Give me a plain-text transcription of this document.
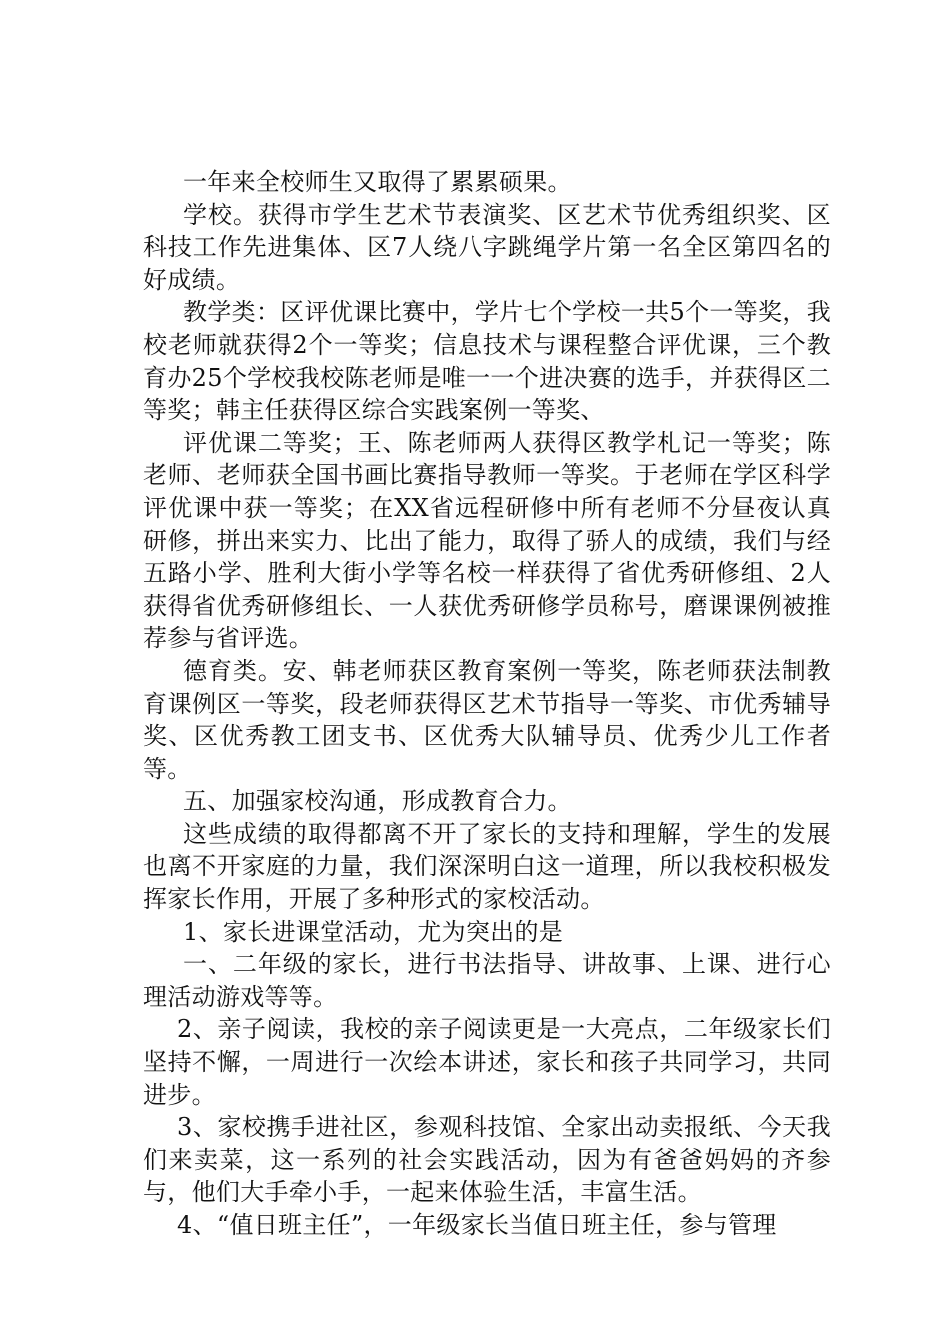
一年来全校师生又取得了累累硕果。

学校。获得市学生艺术节表演奖、区艺术节优秀组织奖、区科技工作先进集体、区7人绕八字跳绳学片第一名全区第四名的好成绩。

教学类：区评优课比赛中，学片七个学校一共5个一等奖，我校老师就获得2个一等奖；信息技术与课程整合评优课，三个教育办25个学校我校陈老师是唯一一个进决赛的选手，并获得区二等奖；韩主任获得区综合实践案例一等奖、

评优课二等奖；王、陈老师两人获得区教学札记一等奖；陈老师、老师获全国书画比赛指导教师一等奖。于老师在学区科学评优课中获一等奖；在XX省远程研修中所有老师不分昼夜认真研修，拼出来实力、比出了能力，取得了骄人的成绩，我们与经五路小学、胜利大街小学等名校一样获得了省优秀研修组、2人获得省优秀研修组长、一人获优秀研修学员称号，磨课课例被推荐参与省评选。

德育类。安、韩老师获区教育案例一等奖，陈老师获法制教育课例区一等奖，段老师获得区艺术节指导一等奖、市优秀辅导奖、区优秀教工团支书、区优秀大队辅导员、优秀少儿工作者等。

五、加强家校沟通，形成教育合力。

这些成绩的取得都离不开了家长的支持和理解，学生的发展也离不开家庭的力量，我们深深明白这一道理，所以我校积极发挥家长作用，开展了多种形式的家校活动。

1、家长进课堂活动，尤为突出的是

一、二年级的家长，进行书法指导、讲故事、上课、进行心理活动游戏等等。

2、亲子阅读，我校的亲子阅读更是一大亮点，二年级家长们坚持不懈，一周进行一次绘本讲述，家长和孩子共同学习，共同进步。

3、家校携手进社区，参观科技馆、全家出动卖报纸、今天我们来卖菜，这一系列的社会实践活动，因为有爸爸妈妈的齐参与，他们大手牵小手，一起来体验生活，丰富生活。

4、“值日班主任”，一年级家长当值日班主任，参与管理
